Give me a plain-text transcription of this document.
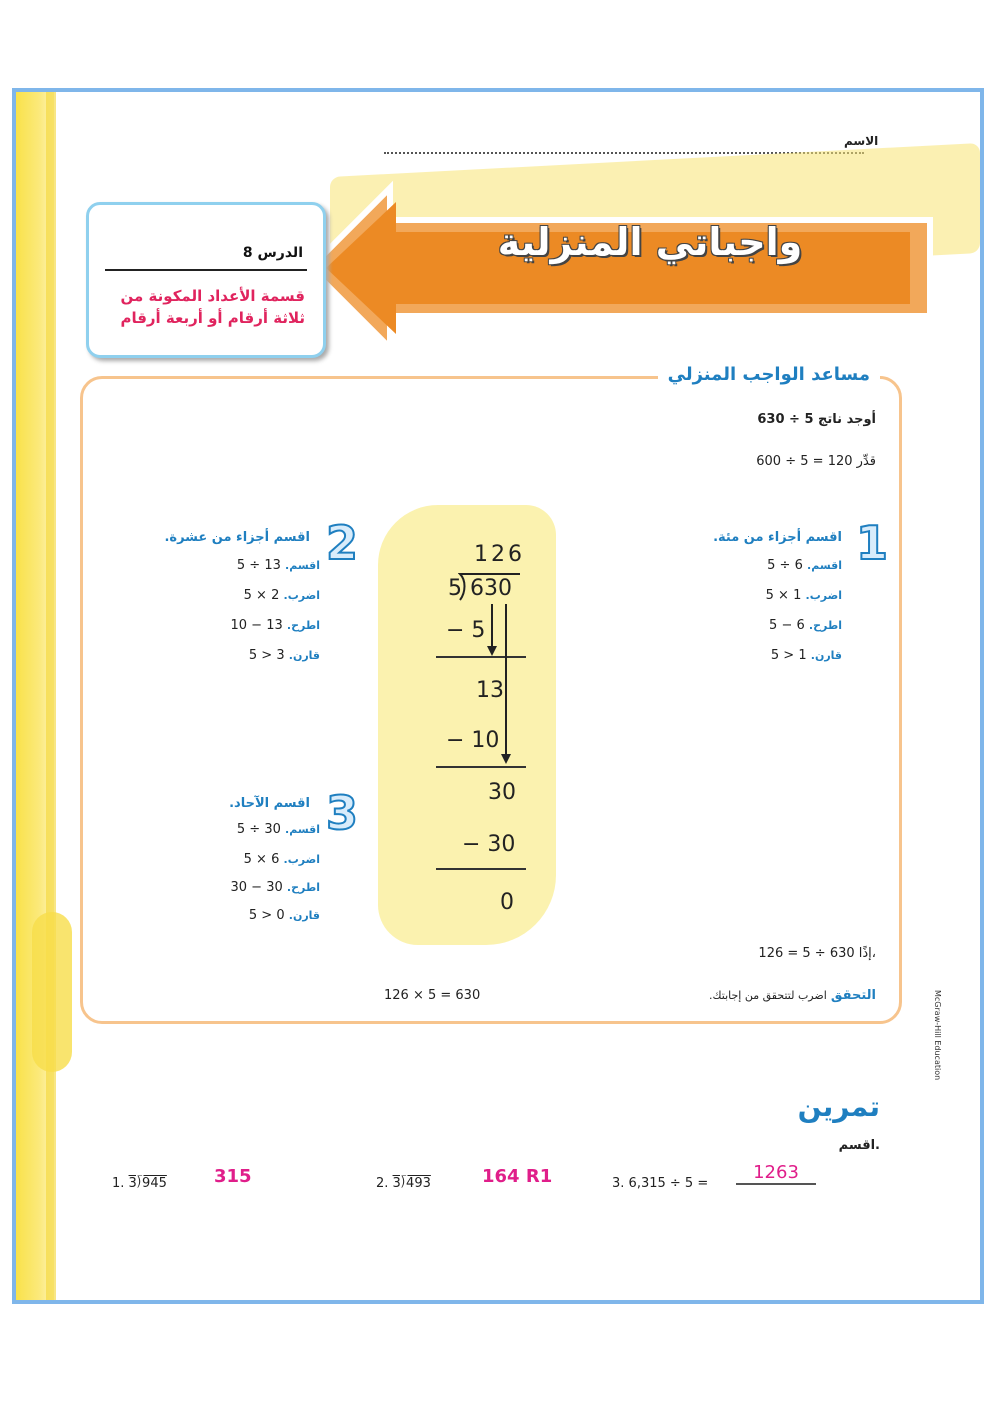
الاسم
واجباتي المنزلية
الدرس 8
قسمة الأعداد المكونة من ثلاثة أرقام أو أربعة أرقام
مساعد الواجب المنزلي
أوجد ناتج 5 ÷ 630
قدِّر 120 = 5 ÷ 600
1
اقسم أجزاء من مئة.
اقسم. 6 ÷ 5
اضرب. 1 × 5
اطرح. 6 − 5
قارن. 1 < 5
2
اقسم أجزاء من عشرة.
اقسم. 13 ÷ 5
اضرب. 2 × 5
اطرح. 13 − 10
قارن. 3 < 5
3
اقسم الآحاد.
اقسم. 30 ÷ 5
اضرب. 6 × 5
اطرح. 30 − 30
قارن. 0 < 5
126
5 630
− 5
13
− 10
30
− 30
0
126 = 5 ÷ 630 إذًا،
التحقق اضرب لتتحقق من إجابتك.
126 × 5 = 630
تمرين
اقسم.
1. 3⟌945	315	2. 3⟌493	164 R1	3. 6,315 ÷ 5 =
1263
McGraw-Hill Education
